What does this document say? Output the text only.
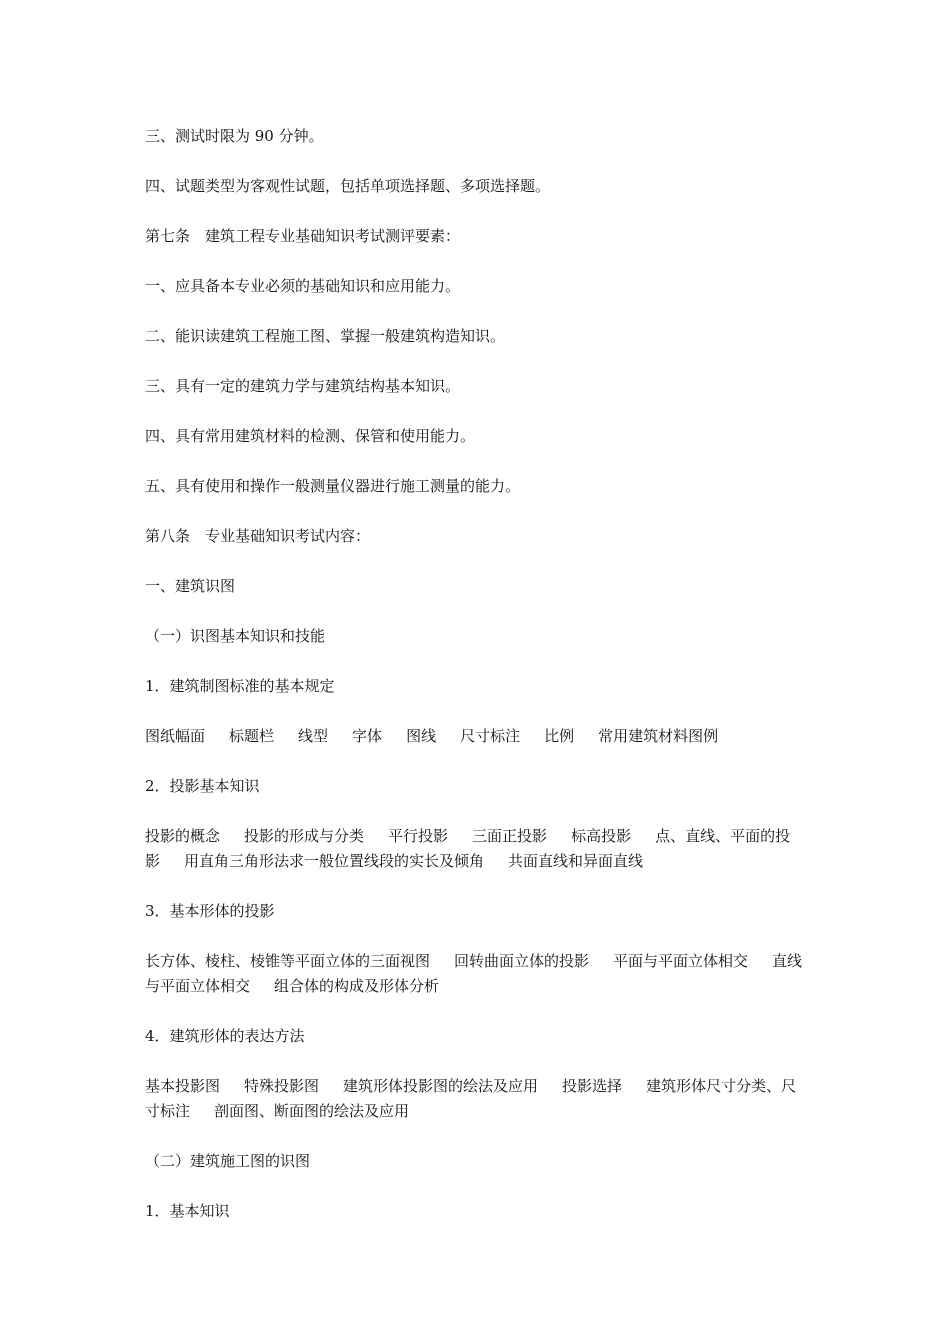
三、测试时限为 90 分钟。

四、试题类型为客观性试题，包括单项选择题、多项选择题。

第七条　建筑工程专业基础知识考试测评要素：

一、应具备本专业必须的基础知识和应用能力。

二、能识读建筑工程施工图、掌握一般建筑构造知识。

三、具有一定的建筑力学与建筑结构基本知识。

四、具有常用建筑材料的检测、保管和使用能力。

五、具有使用和操作一般测量仪器进行施工测量的能力。

第八条　专业基础知识考试内容：

一、建筑识图

（一）识图基本知识和技能

1．建筑制图标准的基本规定

图纸幅面 标题栏 线型 字体 图线 尺寸标注 比例 常用建筑材料图例

2．投影基本知识

投影的概念 投影的形成与分类 平行投影 三面正投影 标高投影 点、直线、平面的投影 用直角三角形法求一般位置线段的实长及倾角 共面直线和异面直线

3．基本形体的投影

长方体、棱柱、棱锥等平面立体的三面视图 回转曲面立体的投影 平面与平面立体相交 直线与平面立体相交 组合体的构成及形体分析

4．建筑形体的表达方法

基本投影图 特殊投影图 建筑形体投影图的绘法及应用 投影选择 建筑形体尺寸分类、尺寸标注 剖面图、断面图的绘法及应用

（二）建筑施工图的识图

1．基本知识
